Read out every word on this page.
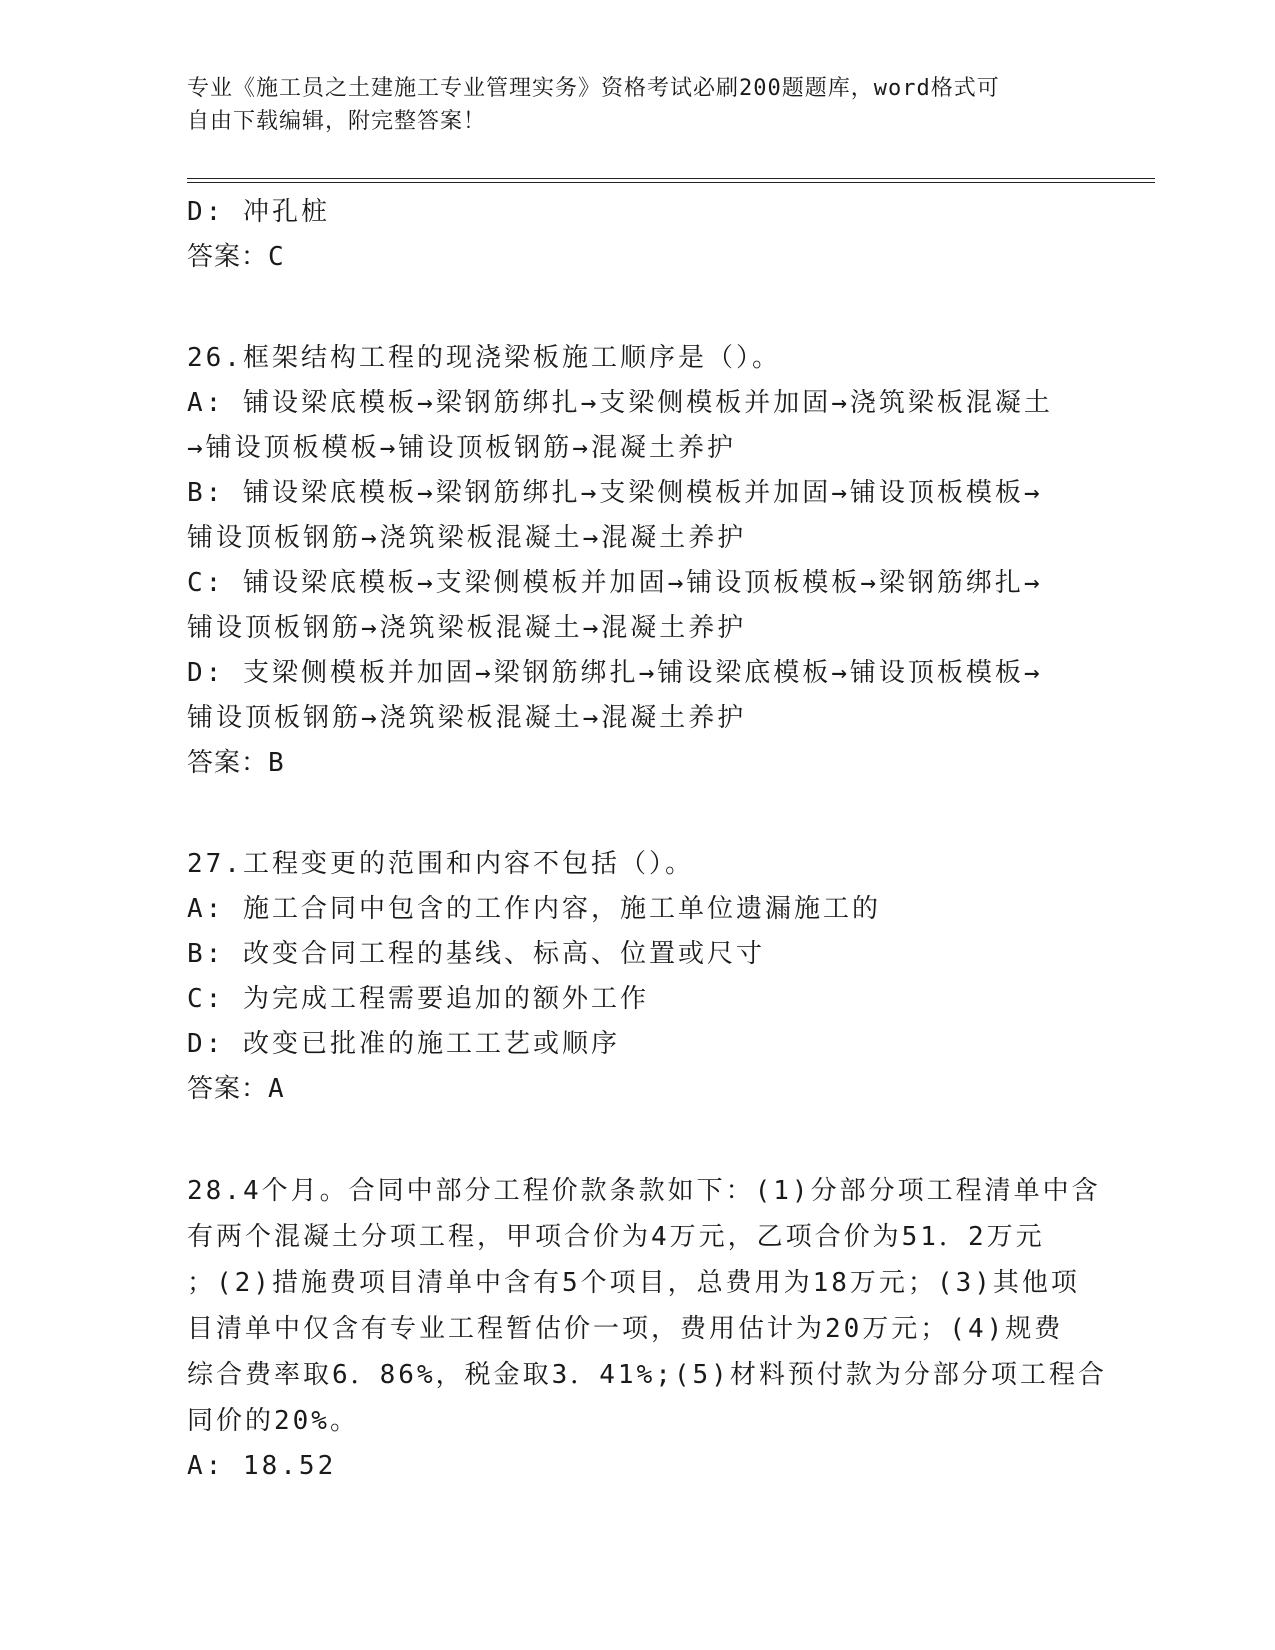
专业《施工员之土建施工专业管理实务》资格考试必刷200题题库，word格式可
自由下载编辑，附完整答案！
D: 冲孔桩
答案：C
26.框架结构工程的现浇梁板施工顺序是（）。
A: 铺设梁底模板→梁钢筋绑扎→支梁侧模板并加固→浇筑梁板混凝土
→铺设顶板模板→铺设顶板钢筋→混凝土养护
B: 铺设梁底模板→梁钢筋绑扎→支梁侧模板并加固→铺设顶板模板→
铺设顶板钢筋→浇筑梁板混凝土→混凝土养护
C: 铺设梁底模板→支梁侧模板并加固→铺设顶板模板→梁钢筋绑扎→
铺设顶板钢筋→浇筑梁板混凝土→混凝土养护
D: 支梁侧模板并加固→梁钢筋绑扎→铺设梁底模板→铺设顶板模板→
铺设顶板钢筋→浇筑梁板混凝土→混凝土养护
答案：B
27.工程变更的范围和内容不包括（）。
A: 施工合同中包含的工作内容，施工单位遗漏施工的
B: 改变合同工程的基线、标高、位置或尺寸
C: 为完成工程需要追加的额外工作
D: 改变已批准的施工工艺或顺序
答案：A
28.4个月。合同中部分工程价款条款如下：(1)分部分项工程清单中含
有两个混凝土分项工程，甲项合价为4万元，乙项合价为51．2万元
；(2)措施费项目清单中含有5个项目，总费用为18万元；(3)其他项
目清单中仅含有专业工程暂估价一项，费用估计为20万元；(4)规费
综合费率取6．86%，税金取3．41%;(5)材料预付款为分部分项工程合
同价的20%。
A: 18.52
